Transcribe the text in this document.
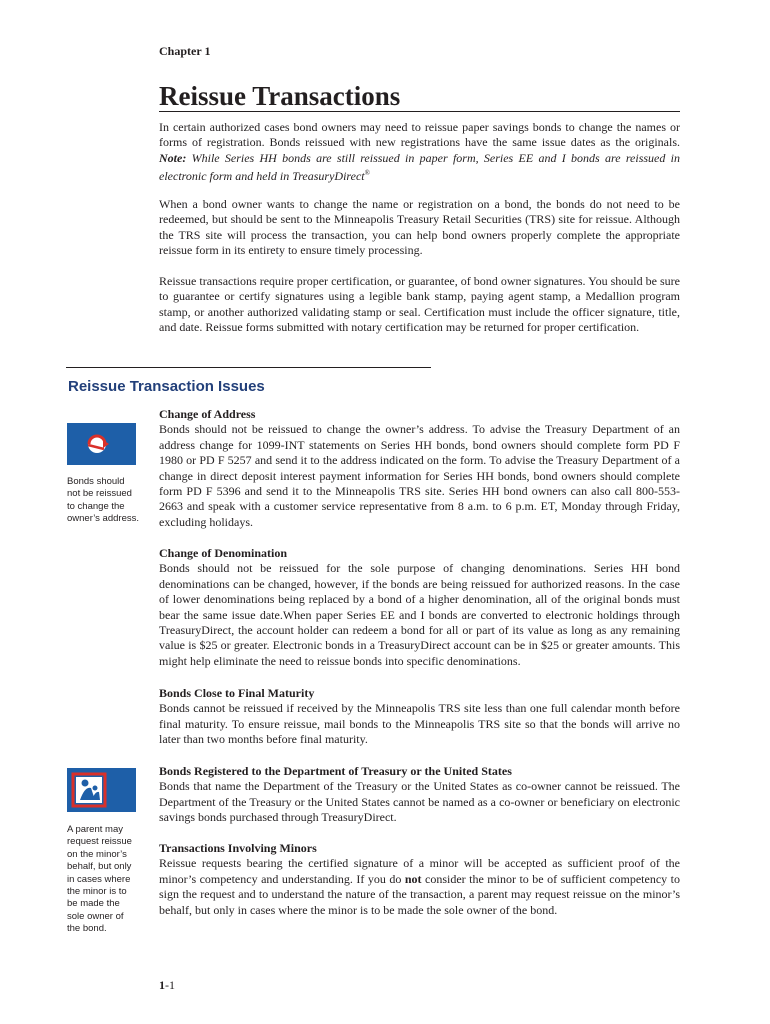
Chapter 1
Reissue Transactions

In certain authorized cases bond owners may need to reissue paper savings bonds to change the names or forms of registration. Bonds reissued with new registrations have the same issue dates as the originals. Note: While Series HH bonds are still reissued in paper form, Series EE and I bonds are reissued in electronic form and held in TreasuryDirect®

When a bond owner wants to change the name or registration on a bond, the bonds do not need to be redeemed, but should be sent to the Minneapolis Treasury Retail Securities (TRS) site for reissue. Although the TRS site will process the transaction, you can help bond owners properly complete the appropriate reissue form in its entirety to ensure timely processing.

Reissue transactions require proper certification, or guarantee, of bond owner signatures. You should be sure to guarantee or certify signatures using a legible bank stamp, paying agent stamp, a Medallion program stamp, or another authorized validating stamp or seal. Certification must include the officer signature, title, and date. Reissue forms submitted with notary certification may be returned for proper certification.

Reissue Transaction Issues

Bonds should not be reissued to change the owner’s address.

A parent may request reissue on the minor’s behalf, but only in cases where the minor is to be made the sole owner of the bond.

Change of Address
Bonds should not be reissued to change the owner’s address. To advise the Treasury Department of an address change for 1099-INT statements on Series HH bonds, bond owners should complete form PD F 1980 or PD F 5257 and send it to the address indicated on the form. To advise the Treasury Department of a change in direct deposit interest payment information for Series HH bonds, bond owners should complete form PD F 5396 and send it to the Minneapolis TRS site. Series HH bond owners can also call 800-553-2663 and speak with a customer service representative from 8 a.m. to 6 p.m. ET, Monday through Friday, excluding holidays.
Change of Denomination
Bonds should not be reissued for the sole purpose of changing denominations. Series HH bond denominations can be changed, however, if the bonds are being reissued for authorized reasons. In the case of lower denominations being replaced by a bond of a higher denomination, all of the original bonds must bear the same issue date.When paper Series EE and I bonds are converted to electronic holdings through TreasuryDirect, the account holder can redeem a bond for all or part of its value as long as any remaining value is $25 or greater. Electronic bonds in a TreasuryDirect account can be in $25 or greater amounts. This might help eliminate the need to reissue bonds into specific denominations.
Bonds Close to Final Maturity
Bonds cannot be reissued if received by the Minneapolis TRS site less than one full calendar month before final maturity. To ensure reissue, mail bonds to the Minneapolis TRS site so that the bonds will arrive no later than two months before final maturity.
Bonds Registered to the Department of Treasury or the United States
Bonds that name the Department of the Treasury or the United States as co-owner cannot be reissued. The Department of the Treasury or the United States cannot be named as a co-owner or beneficiary on electronic savings bonds purchased through TreasuryDirect.
Transactions Involving Minors
Reissue requests bearing the certified signature of a minor will be accepted as sufficient proof of the minor’s competency and understanding. If you do not consider the minor to be of sufficient competency to sign the request and to understand the nature of the transaction, a parent may request reissue on the minor’s behalf, but only in cases where the minor is to be made the sole owner of the bond.
1-1
